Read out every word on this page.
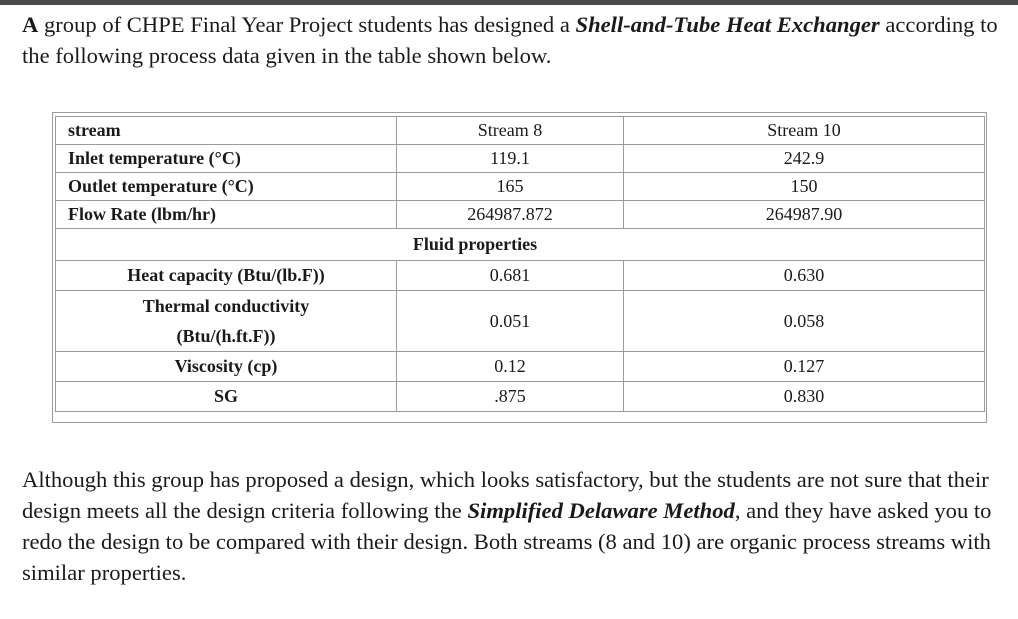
A group of CHPE Final Year Project students has designed a Shell-and-Tube Heat Exchanger according to the following process data given in the table shown below.

stream	Stream 8	Stream 10
Inlet temperature (°C)	119.1	242.9
Outlet temperature (°C)	165	150
Flow Rate (lbm/hr)	264987.872	264987.90
Fluid properties		
Heat capacity (Btu/(lb.F))	0.681	0.630
Thermal conductivity
(Btu/(h.ft.F))	0.051	0.058
Viscosity (cp)	0.12	0.127
SG	.875	0.830

Although this group has proposed a design, which looks satisfactory, but the students are not sure that their design meets all the design criteria following the Simplified Delaware Method, and they have asked you to redo the design to be compared with their design. Both streams (8 and 10) are organic process streams with similar properties.
